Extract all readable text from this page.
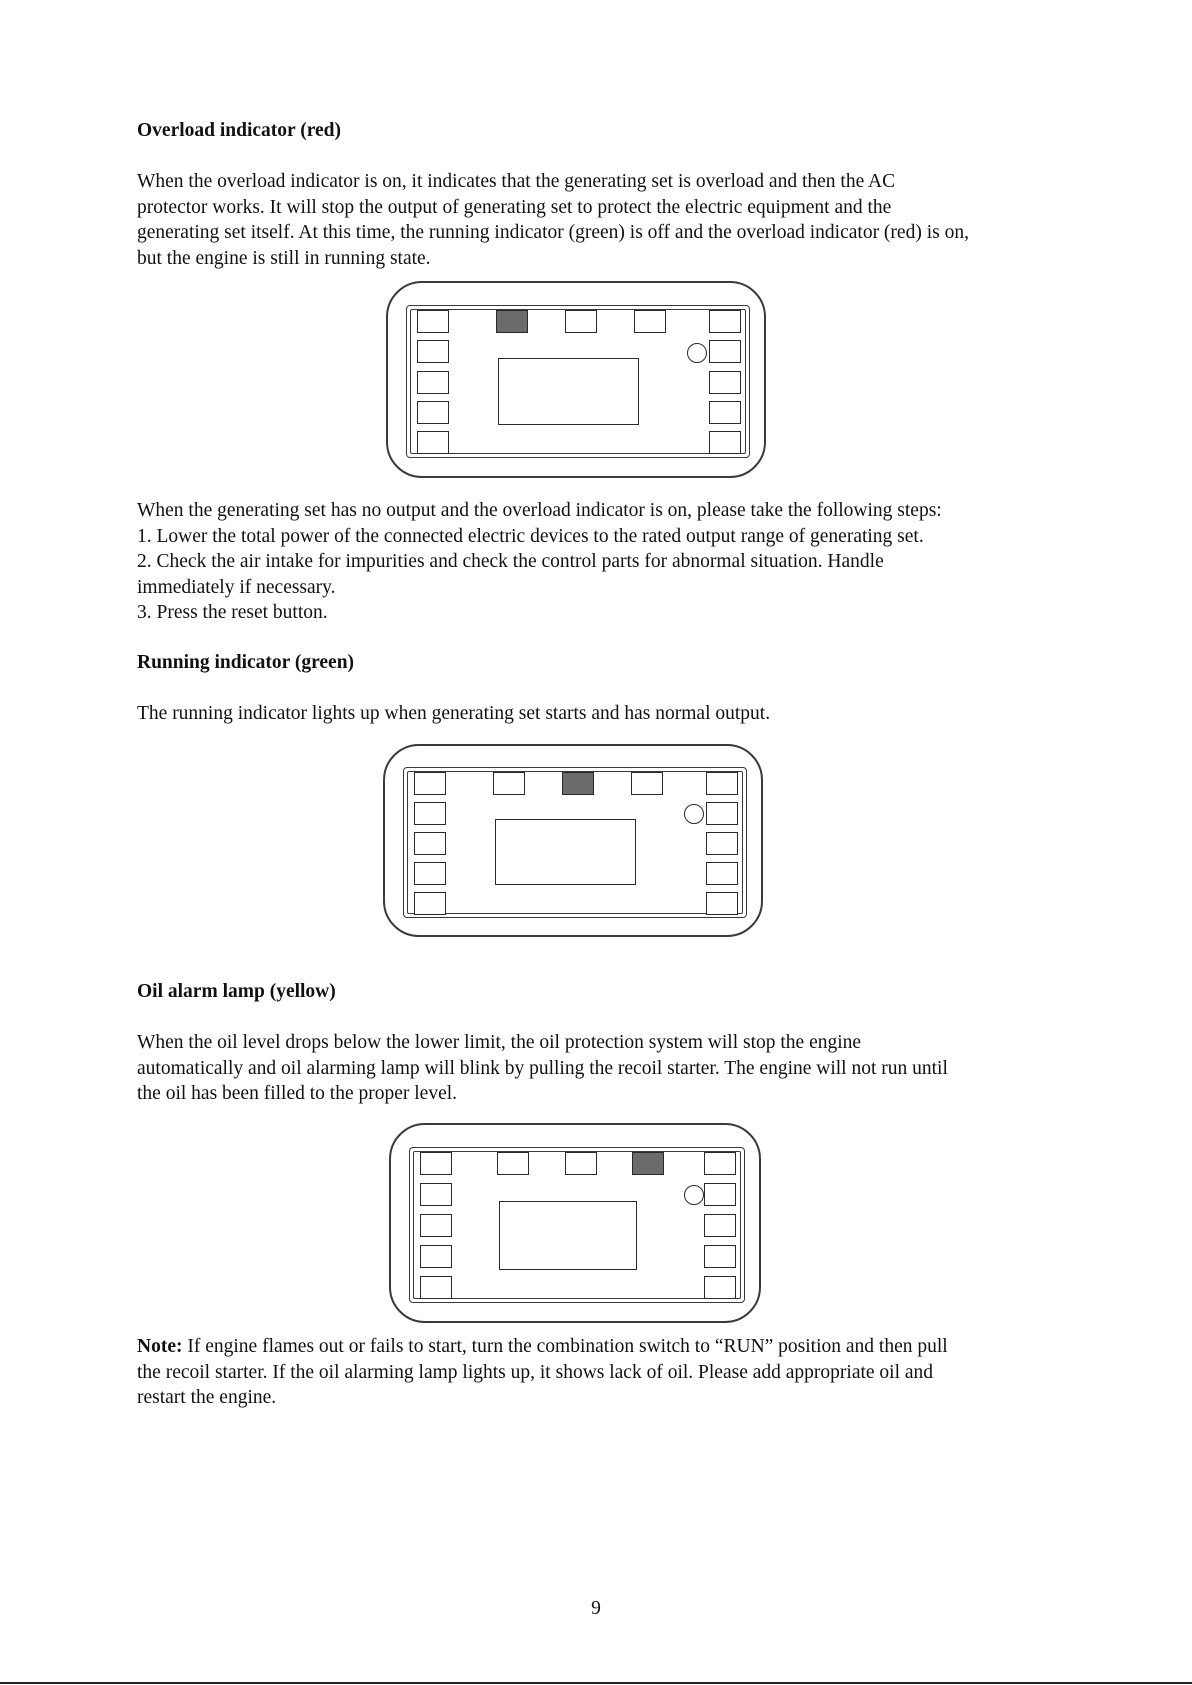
Overload indicator (red)
When the overload indicator is on, it indicates that the generating set is overload and then the AC
protector works. It will stop the output of generating set to protect the electric equipment and the
generating set itself. At this time, the running indicator (green) is off and the overload indicator (red) is on,
but the engine is still in running state.
When the generating set has no output and the overload indicator is on, please take the following steps:
1. Lower the total power of the connected electric devices to the rated output range of generating set.
2. Check the air intake for impurities and check the control parts for abnormal situation. Handle
immediately if necessary.
3. Press the reset button.
Running indicator (green)
The running indicator lights up when generating set starts and has normal output.
Oil alarm lamp (yellow)
When the oil level drops below the lower limit, the oil protection system will stop the engine
automatically and oil alarming lamp will blink by pulling the recoil starter. The engine will not run until
the oil has been filled to the proper level.
Note: If engine flames out or fails to start, turn the combination switch to “RUN” position and then pull
the recoil starter. If the oil alarming lamp lights up, it shows lack of oil. Please add appropriate oil and
restart the engine.
9
